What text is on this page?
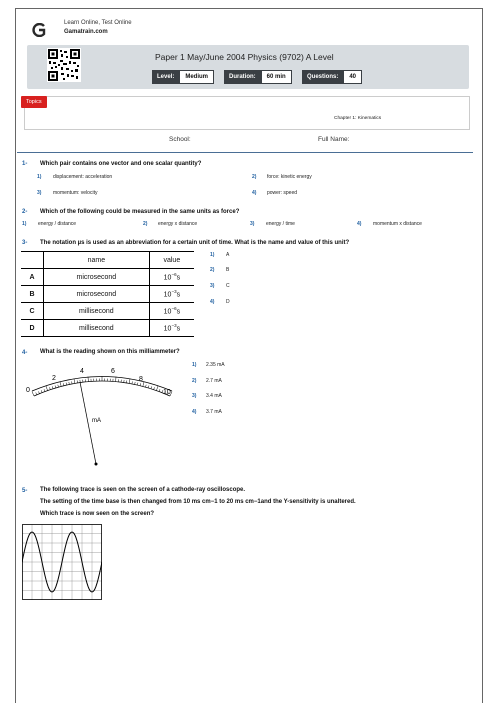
Learn Online, Test Online
Gamatrain.com
Paper 1 May/June 2004 Physics (9702) A Level
Level:	Medium	Duration:	60 min	Questions:	40
Topics
Chapter 1: Kinematics
School:	Full Name:
1- Which pair contains one vector and one scalar quantity?
1) displacement: acceleration	2) force: kinetic energy
3) momentum: velocity	4) power: speed
2- Which of the following could be measured in the same units as force?
1) energy / distance	2) energy x distance	3) energy / time	4) momentum x distance
3- The notation µs is used as an abbreviation for a certain unit of time. What is the name and value of this unit?
	name	value
A	microsecond	$10^{-6}s$
B	microsecond	$10^{-3}s$
C	millisecond	$10^{-6}s$
D	millisecond	$10^{-3}s$
1) A
2) B
3) C
4) D
4- What is the reading shown on this milliammeter?
0
2
4	6
8
10
mA
1) 2.35 mA
2) 2.7 mA
3) 3.4 mA
4) 3.7 mA
5- The following trace is seen on the screen of a cathode-ray oscilloscope.
The setting of the time base is then changed from 10 ms cm−1 to 20 ms cm−1and the Y-sensitivity is unaltered.
Which trace is now seen on the screen?
